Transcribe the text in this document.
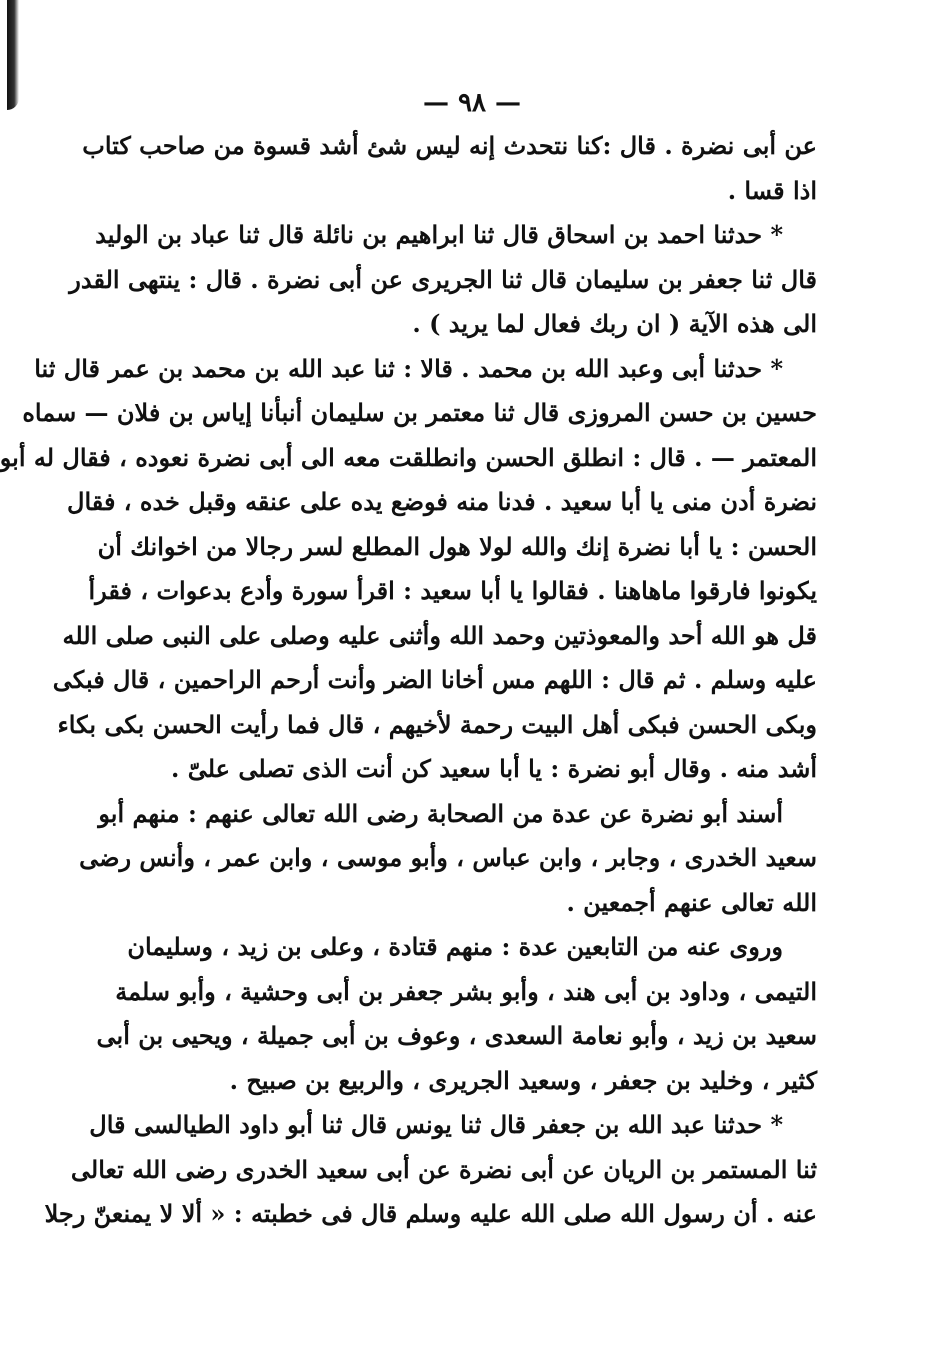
— ٩٨ —
عن أبى نضرة . قال :كنا نتحدث إنه ليس شئ أشد قسوة من صاحب كتاب
اذا قسا .
* حدثنا احمد بن اسحاق قال ثنا ابراهيم بن نائلة قال ثنا عباد بن الوليد
قال ثنا جعفر بن سليمان قال ثنا الجريرى عن أبى نضرة . قال : ينتهى القدر
الى هذه الآية ( ان ربك فعال لما يريد ) .
* حدثنا أبى وعبد الله بن محمد . قالا : ثنا عبد الله بن محمد بن عمر قال ثنا
حسين بن حسن المروزى قال ثنا معتمر بن سليمان أنبأنا إياس بن فلان — سماه
المعتمر — . قال : انطلق الحسن وانطلقت معه الى أبى نضرة نعوده ، فقال له أبو
نضرة أدن منى يا أبا سعيد . فدنا منه فوضع يده على عنقه وقبل خده ، فقال
الحسن : يا أبا نضرة إنك والله لولا هول المطلع لسر رجالا من اخوانك أن
يكونوا فارقوا ماهاهنا . فقالوا يا أبا سعيد : اقرأ سورة وأدع بدعوات ، فقرأ
قل هو الله أحد والمعوذتين وحمد الله وأثنى عليه وصلى على النبى صلى الله
عليه وسلم . ثم قال : اللهم مس أخانا الضر وأنت أرحم الراحمين ، قال فبكى
وبكى الحسن فبكى أهل البيت رحمة لأخيهم ، قال فما رأيت الحسن بكى بكاء
أشد منه . وقال أبو نضرة : يا أبا سعيد كن أنت الذى تصلى علىّ .
أسند أبو نضرة عن عدة من الصحابة رضى الله تعالى عنهم : منهم أبو
سعيد الخدرى ، وجابر ، وابن عباس ، وأبو موسى ، وابن عمر ، وأنس رضى
الله تعالى عنهم أجمعين .
وروى عنه من التابعين عدة : منهم قتادة ، وعلى بن زيد ، وسليمان
التيمى ، وداود بن أبى هند ، وأبو بشر جعفر بن أبى وحشية ، وأبو سلمة
سعيد بن زيد ، وأبو نعامة السعدى ، وعوف بن أبى جميلة ، ويحيى بن أبى
كثير ، وخليد بن جعفر ، وسعيد الجريرى ، والربيع بن صبيح .
* حدثنا عبد الله بن جعفر قال ثنا يونس قال ثنا أبو داود الطيالسى قال
ثنا المستمر بن الريان عن أبى نضرة عن أبى سعيد الخدرى رضى الله تعالى
عنه . أن رسول الله صلى الله عليه وسلم قال فى خطبته : « ألا لا يمنعنّ رجلا
